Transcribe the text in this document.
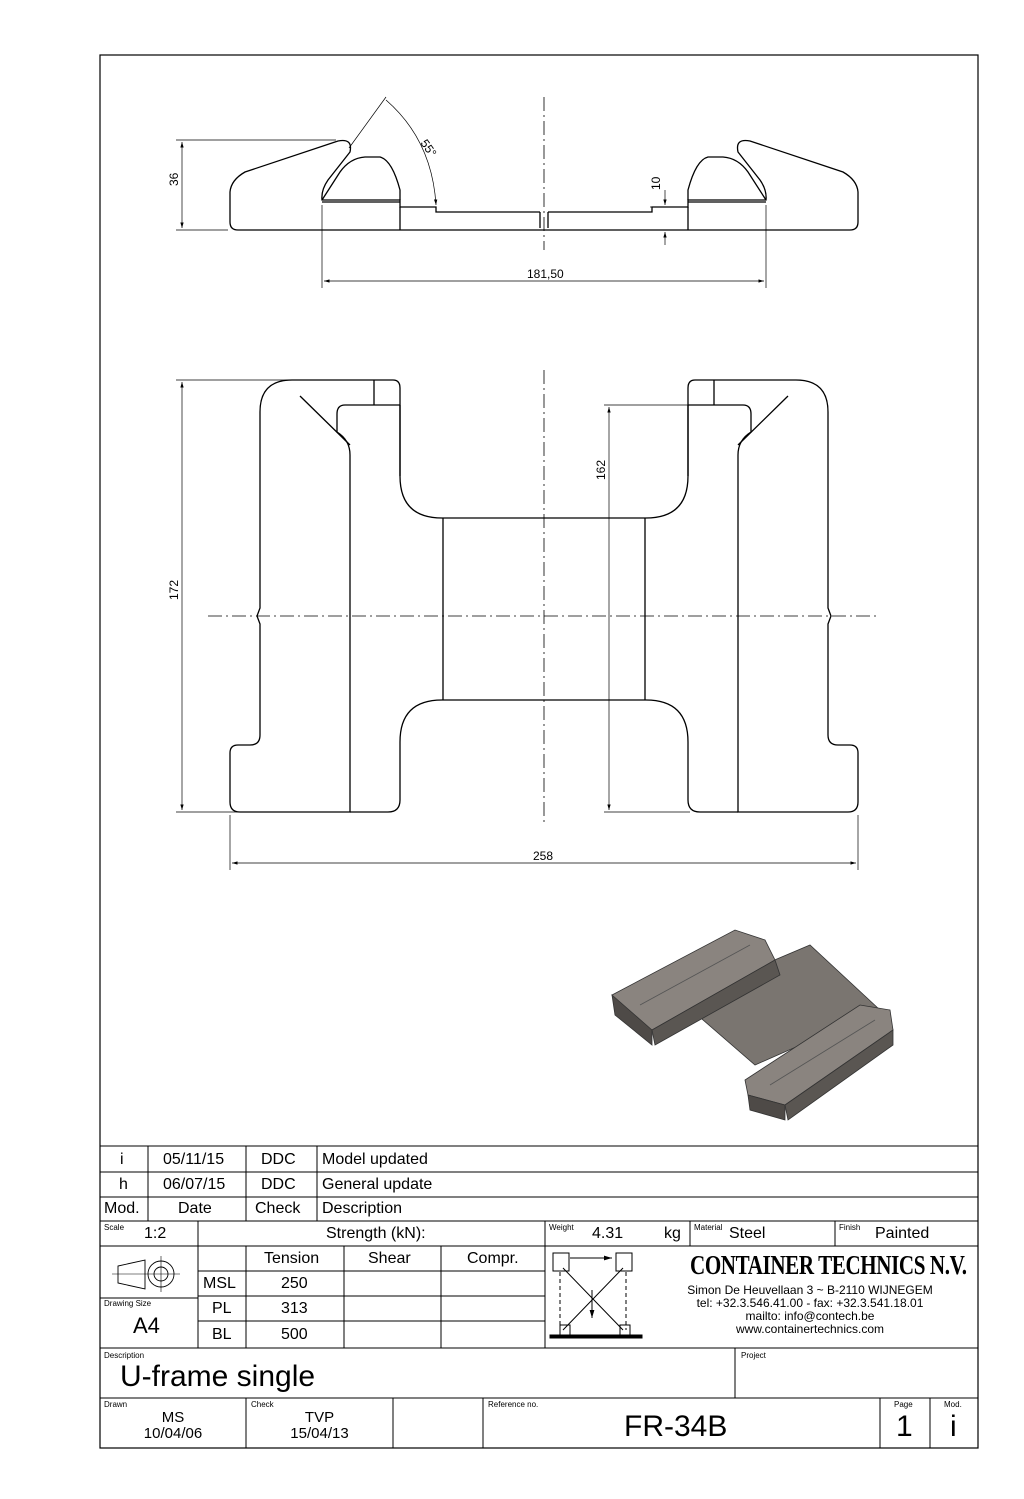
36
55°
10
181,50
172
162
258
i 05/11/15 DDC Model updated
h 06/07/15 DDC General update
Mod. Date	Check Description
Scale 1:2	Strength (kN):	Weight 4.31	kg Material Steel	Finish Painted
Tension	Shear	Compr.
MSL	250
PL	313
BL	500
Drawing Size
A4
CONTAINER TECHNICS N.V.
Simon De Heuvellaan 3 ~ B-2110 WIJNEGEM
tel: +32.3.546.41.00 - fax: +32.3.541.18.01
mailto: info@contech.be
www.containertechnics.com
Description
U-frame single
Project
Drawn
MS
10/04/06
Check
TVP
15/04/13
Reference no.
FR-34B
Page
1
Mod.
i
